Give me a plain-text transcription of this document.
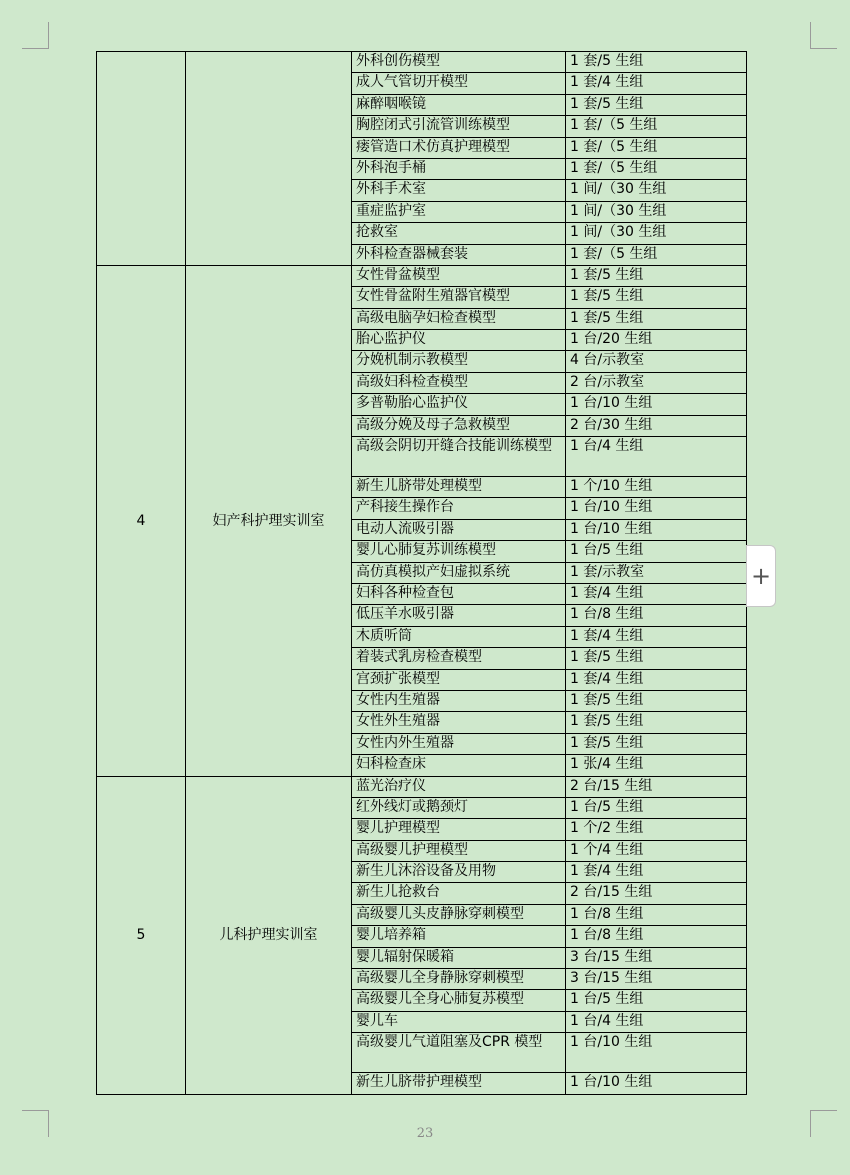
		外科创伤模型	1 套/5 生组
		成人气管切开模型	1 套/4 生组
		麻醉咽喉镜	1 套/5 生组
		胸腔闭式引流管训练模型	1 套/（5 生组
		瘘管造口术仿真护理模型	1 套/（5 生组
		外科泡手桶	1 套/（5 生组
		外科手术室	1 间/（30 生组
		重症监护室	1 间/（30 生组
		抢救室	1 间/（30 生组
		外科检查器械套装	1 套/（5 生组
4	妇产科护理实训室	女性骨盆模型	1 套/5 生组
		女性骨盆附生殖器官模型	1 套/5 生组
		高级电脑孕妇检查模型	1 套/5 生组
		胎心监护仪	1 台/20 生组
		分娩机制示教模型	4 台/示教室
		高级妇科检查模型	2 台/示教室
		多普勒胎心监护仪	1 台/10 生组
		高级分娩及母子急救模型	2 台/30 生组
		高级会阴切开缝合技能训练模型	1 台/4 生组
		新生儿脐带处理模型	1 个/10 生组
		产科接生操作台	1 台/10 生组
		电动人流吸引器	1 台/10 生组
		婴儿心肺复苏训练模型	1 台/5 生组
		高仿真模拟产妇虚拟系统	1 套/示教室
		妇科各种检查包	1 套/4 生组
		低压羊水吸引器	1 台/8 生组
		木质听筒	1 套/4 生组
		着装式乳房检查模型	1 套/5 生组
		宫颈扩张模型	1 套/4 生组
		女性内生殖器	1 套/5 生组
		女性外生殖器	1 套/5 生组
		女性内外生殖器	1 套/5 生组
		妇科检查床	1 张/4 生组
5	儿科护理实训室	蓝光治疗仪	2 台/15 生组
		红外线灯或鹅颈灯	1 台/5 生组
		婴儿护理模型	1 个/2 生组
		高级婴儿护理模型	1 个/4 生组
		新生儿沐浴设备及用物	1 套/4 生组
		新生儿抢救台	2 台/15 生组
		高级婴儿头皮静脉穿刺模型	1 台/8 生组
		婴儿培养箱	1 台/8 生组
		婴儿辐射保暖箱	3 台/15 生组
		高级婴儿全身静脉穿刺模型	3 台/15 生组
		高级婴儿全身心肺复苏模型	1 台/5 生组
		婴儿车	1 台/4 生组
		高级婴儿气道阻塞及CPR 模型	1 台/10 生组
		新生儿脐带护理模型	1 台/10 生组
+
23
